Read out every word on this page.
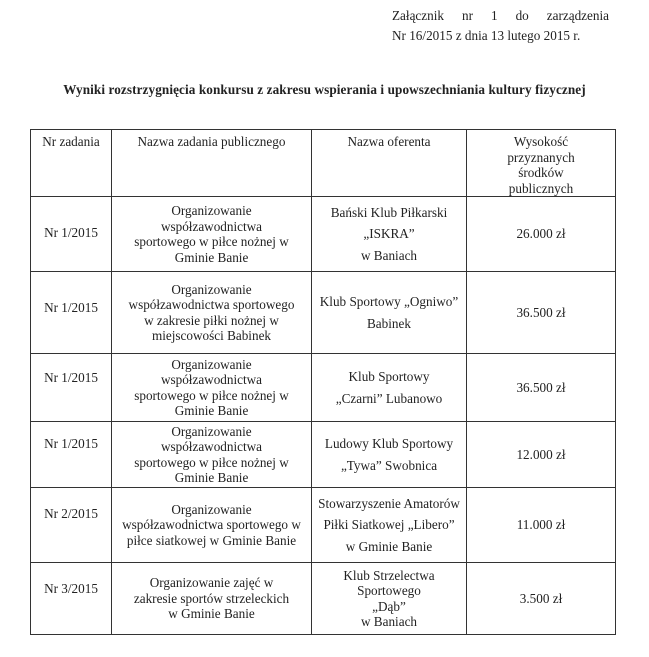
Załącznik nr 1 do zarządzenia
Nr 16/2015 z dnia 13 lutego 2015 r.
Wyniki rozstrzygnięcia konkursu z zakresu wspierania i upowszechniania kultury fizycznej
Nr zadania	Nazwa zadania publicznego	Nazwa oferenta	Wysokość przyznanych środków publicznych
Nr 1/2015	Organizowanie współzawodnictwa sportowego w piłce nożnej w Gminie Banie	Bański Klub Piłkarski
„ISKRA”
w Baniach	26.000 zł
Nr 1/2015	Organizowanie współzawodnictwa sportowego w zakresie piłki nożnej w miejscowości Babinek	Klub Sportowy „Ogniwo”
Babinek	36.500 zł
Nr 1/2015	Organizowanie współzawodnictwa sportowego w piłce nożnej w Gminie Banie	Klub Sportowy
„Czarni” Lubanowo	36.500 zł
Nr 1/2015	Organizowanie współzawodnictwa sportowego w piłce nożnej w Gminie Banie	Ludowy Klub Sportowy
„Tywa” Swobnica	12.000 zł
Nr 2/2015	Organizowanie współzawodnictwa sportowego w piłce siatkowej w Gminie Banie	Stowarzyszenie Amatorów
Piłki Siatkowej „Libero”
w Gminie Banie	11.000 zł
Nr 3/2015	Organizowanie zajęć w zakresie sportów strzeleckich w Gminie Banie	Klub Strzelectwa Sportowego
„Dąb”
w Baniach	3.500 zł
